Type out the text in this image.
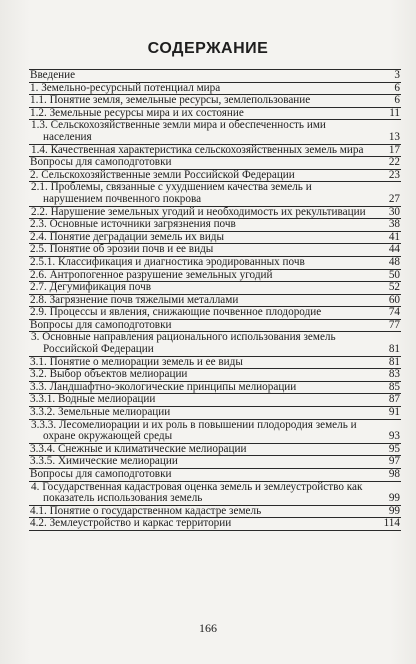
СОДЕРЖАНИЕ
Введение	3
1. Земельно-ресурсный потенциал мира	6
1.1. Понятие земля, земельные ресурсы, землепользование	6
1.2. Земельные ресурсы мира и их состояние	11
1.3. Сельскохозяйственные земли мира и обеспеченность ими населения	13
1.4. Качественная характеристика сельскохозяйственных земель мира	17
Вопросы для самоподготовки	22
2. Сельскохозяйственные земли Российской Федерации	23
2.1. Проблемы, связанные с ухудшением качества земель и нарушением почвенного покрова	27
2.2. Нарушение земельных угодий и необходимость их рекультивации	30
2.3. Основные источники загрязнения почв	38
2.4. Понятие деградации земель их виды	41
2.5. Понятие об эрозии почв и ее виды	44
2.5.1. Классификация и диагностика эродированных почв	48
2.6. Антропогенное разрушение земельных угодий	50
2.7. Дегумификация почв	52
2.8. Загрязнение почв тяжелыми металлами	60
2.9. Процессы и явления, снижающие почвенное плодородие	74
Вопросы для самоподготовки	77
3. Основные направления рационального использования земель Российской Федерации	81
3.1. Понятие о мелиорации земель и ее виды	81
3.2. Выбор объектов мелиорации	83
3.3. Ландшафтно-экологические принципы мелиорации	85
3.3.1. Водные мелиорации	87
3.3.2. Земельные мелиорации	91
3.3.3. Лесомелиорации и их роль в повышении плодородия земель и охране окружающей среды	93
3.3.4. Снежные и климатические мелиорации	95
3.3.5. Химические мелиорации	97
Вопросы для самоподготовки	98
4. Государственная кадастровая оценка земель и землеустройство как показатель использования земель	99
4.1. Понятие о государственном кадастре земель	99
4.2. Землеустройство и каркас территории	114
166
